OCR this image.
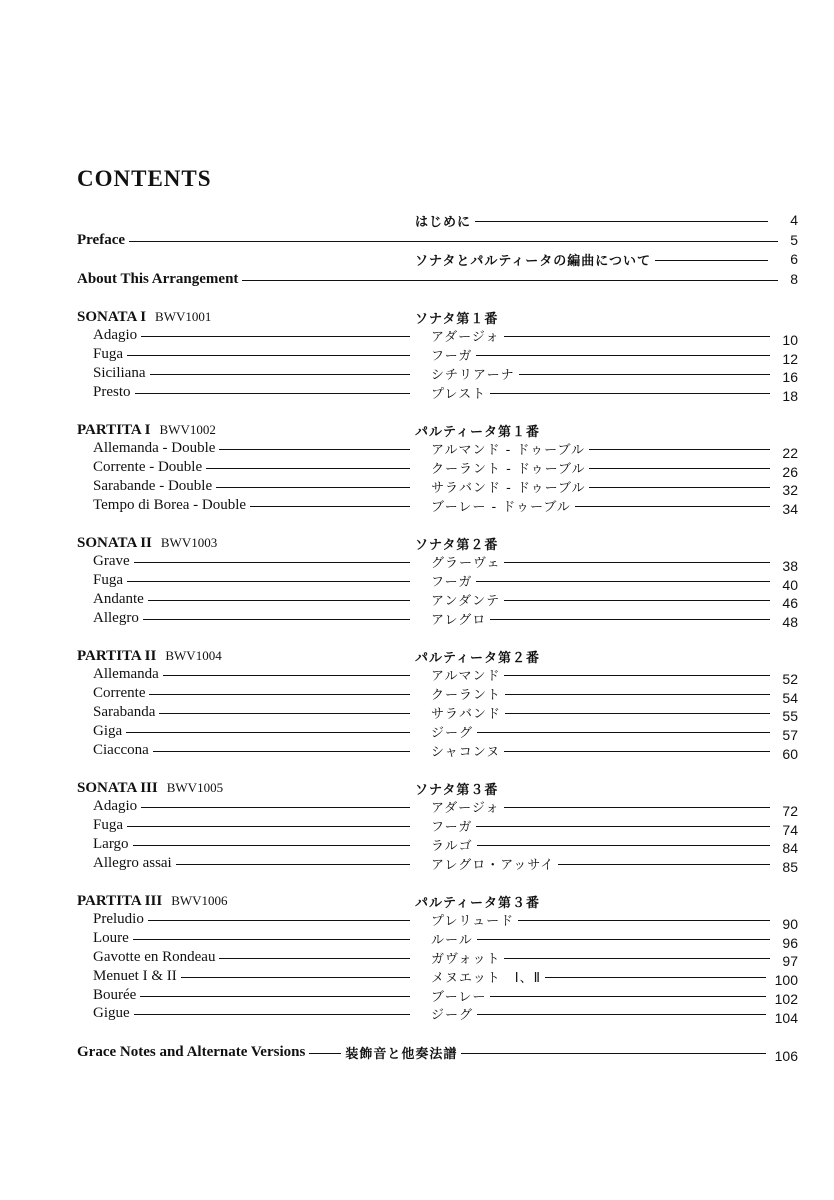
CONTENTS
はじめに	4
Preface	5
ソナタとパルティータの編曲について	6
About This Arrangement	8
SONATA I BWV1001	ソナタ第１番
Adagio	アダージォ	10
Fuga	フーガ	12
Siciliana	シチリアーナ	16
Presto	プレスト	18
PARTITA I BWV1002	パルティータ第１番
Allemanda - Double	アルマンド - ドゥーブル	22
Corrente - Double	クーラント - ドゥーブル	26
Sarabande - Double	サラバンド - ドゥーブル	32
Tempo di Borea - Double	ブーレー - ドゥーブル	34
SONATA II BWV1003	ソナタ第２番
Grave	グラーヴェ	38
Fuga	フーガ	40
Andante	アンダンテ	46
Allegro	アレグロ	48
PARTITA II BWV1004	パルティータ第２番
Allemanda	アルマンド	52
Corrente	クーラント	54
Sarabanda	サラバンド	55
Giga	ジーグ	57
Ciaccona	シャコンヌ	60
SONATA III BWV1005	ソナタ第３番
Adagio	アダージォ	72
Fuga	フーガ	74
Largo	ラルゴ	84
Allegro assai	アレグロ・アッサイ	85
PARTITA III BWV1006	パルティータ第３番
Preludio	プレリュード	90
Loure	ルール	96
Gavotte en Rondeau	ガヴォット	97
Menuet I & II	メヌエット　Ⅰ、Ⅱ	100
Bourée	ブーレー	102
Gigue	ジーグ	104
Grace Notes and Alternate Versions	装飾音と他奏法譜	106
